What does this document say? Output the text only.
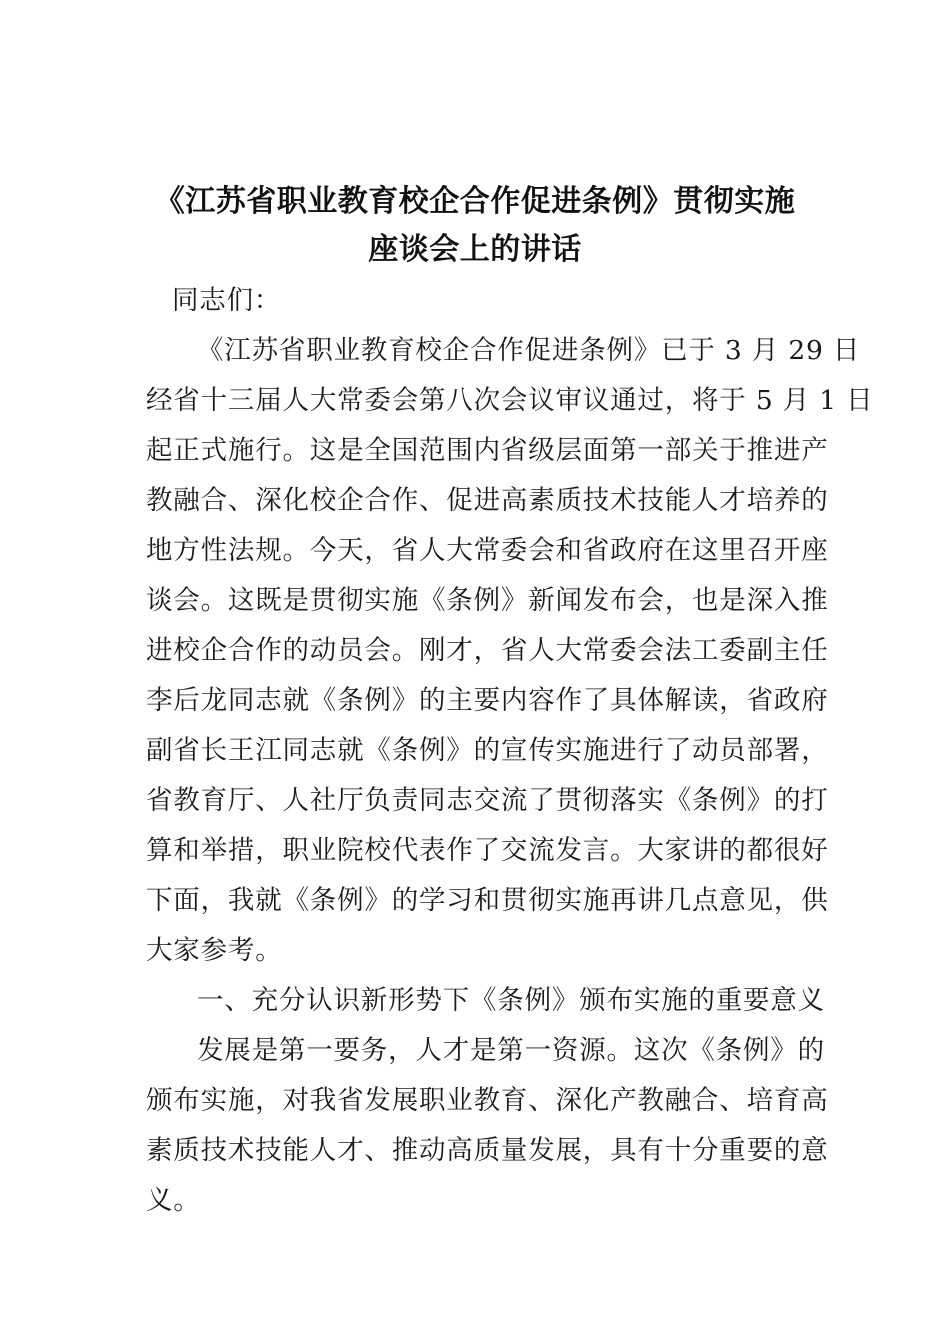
《江苏省职业教育校企合作促进条例》贯彻实施
座谈会上的讲话
同志们：
《江苏省职业教育校企合作促进条例》已于 3 月 29 日
经省十三届人大常委会第八次会议审议通过，将于 5 月 1 日
起正式施行。这是全国范围内省级层面第一部关于推进产
教融合、深化校企合作、促进高素质技术技能人才培养的
地方性法规。今天，省人大常委会和省政府在这里召开座
谈会。这既是贯彻实施《条例》新闻发布会，也是深入推
进校企合作的动员会。刚才，省人大常委会法工委副主任
李后龙同志就《条例》的主要内容作了具体解读，省政府
副省长王江同志就《条例》的宣传实施进行了动员部署，
省教育厅、人社厅负责同志交流了贯彻落实《条例》的打
算和举措，职业院校代表作了交流发言。大家讲的都很好
下面，我就《条例》的学习和贯彻实施再讲几点意见，供
大家参考。
一、充分认识新形势下《条例》颁布实施的重要意义
发展是第一要务，人才是第一资源。这次《条例》的
颁布实施，对我省发展职业教育、深化产教融合、培育高
素质技术技能人才、推动高质量发展，具有十分重要的意
义。
